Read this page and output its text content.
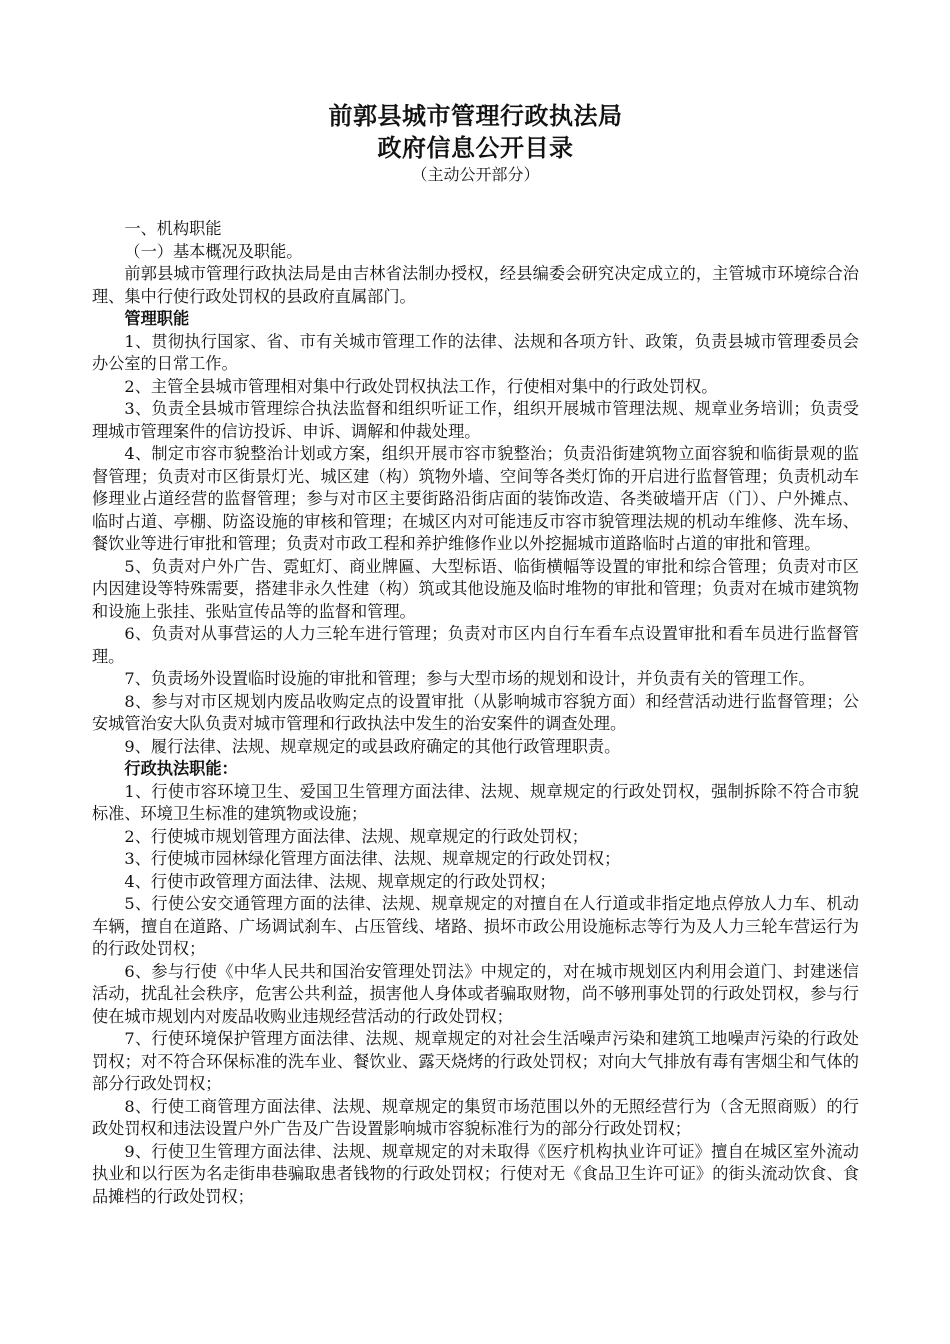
前郭县城市管理行政执法局
政府信息公开目录
（主动公开部分）

一、机构职能

（一）基本概况及职能。

前郭县城市管理行政执法局是由吉林省法制办授权，经县编委会研究决定成立的，主管城市环境综合治理、集中行使行政处罚权的县政府直属部门。

管理职能

1、贯彻执行国家、省、市有关城市管理工作的法律、法规和各项方针、政策，负责县城市管理委员会办公室的日常工作。

2、主管全县城市管理相对集中行政处罚权执法工作，行使相对集中的行政处罚权。

3、负责全县城市管理综合执法监督和组织听证工作，组织开展城市管理法规、规章业务培训；负责受理城市管理案件的信访投诉、申诉、调解和仲裁处理。

4、制定市容市貌整治计划或方案，组织开展市容市貌整治；负责沿街建筑物立面容貌和临街景观的监督管理；负责对市区街景灯光、城区建（构）筑物外墙、空间等各类灯饰的开启进行监督管理；负责机动车修理业占道经营的监督管理；参与对市区主要街路沿街店面的装饰改造、各类破墙开店（门）、户外摊点、临时占道、亭棚、防盗设施的审核和管理；在城区内对可能违反市容市貌管理法规的机动车维修、洗车场、餐饮业等进行审批和管理；负责对市政工程和养护维修作业以外挖掘城市道路临时占道的审批和管理。

5、负责对户外广告、霓虹灯、商业牌匾、大型标语、临街横幅等设置的审批和综合管理；负责对市区内因建设等特殊需要，搭建非永久性建（构）筑或其他设施及临时堆物的审批和管理；负责对在城市建筑物和设施上张挂、张贴宣传品等的监督和管理。

6、负责对从事营运的人力三轮车进行管理；负责对市区内自行车看车点设置审批和看车员进行监督管理。

7、负责场外设置临时设施的审批和管理；参与大型市场的规划和设计，并负责有关的管理工作。

8、参与对市区规划内废品收购定点的设置审批（从影响城市容貌方面）和经营活动进行监督管理；公安城管治安大队负责对城市管理和行政执法中发生的治安案件的调查处理。

9、履行法律、法规、规章规定的或县政府确定的其他行政管理职责。

行政执法职能：

1、行使市容环境卫生、爱国卫生管理方面法律、法规、规章规定的行政处罚权，强制拆除不符合市貌标准、环境卫生标准的建筑物或设施；

2、行使城市规划管理方面法律、法规、规章规定的行政处罚权；

3、行使城市园林绿化管理方面法律、法规、规章规定的行政处罚权；

4、行使市政管理方面法律、法规、规章规定的行政处罚权；

5、行使公安交通管理方面的法律、法规、规章规定的对擅自在人行道或非指定地点停放人力车、机动车辆，擅自在道路、广场调试刹车、占压管线、堵路、损坏市政公用设施标志等行为及人力三轮车营运行为的行政处罚权；

6、参与行使《中华人民共和国治安管理处罚法》中规定的，对在城市规划区内利用会道门、封建迷信活动，扰乱社会秩序，危害公共利益，损害他人身体或者骗取财物，尚不够刑事处罚的行政处罚权，参与行使在城市规划内对废品收购业违规经营活动的行政处罚权；

7、行使环境保护管理方面法律、法规、规章规定的对社会生活噪声污染和建筑工地噪声污染的行政处罚权；对不符合环保标准的洗车业、餐饮业、露天烧烤的行政处罚权；对向大气排放有毒有害烟尘和气体的部分行政处罚权；

8、行使工商管理方面法律、法规、规章规定的集贸市场范围以外的无照经营行为（含无照商贩）的行政处罚权和违法设置户外广告及广告设置影响城市容貌标准行为的部分行政处罚权；

9、行使卫生管理方面法律、法规、规章规定的对未取得《医疗机构执业许可证》擅自在城区室外流动执业和以行医为名走街串巷骗取患者钱物的行政处罚权；行使对无《食品卫生许可证》的街头流动饮食、食品摊档的行政处罚权；
